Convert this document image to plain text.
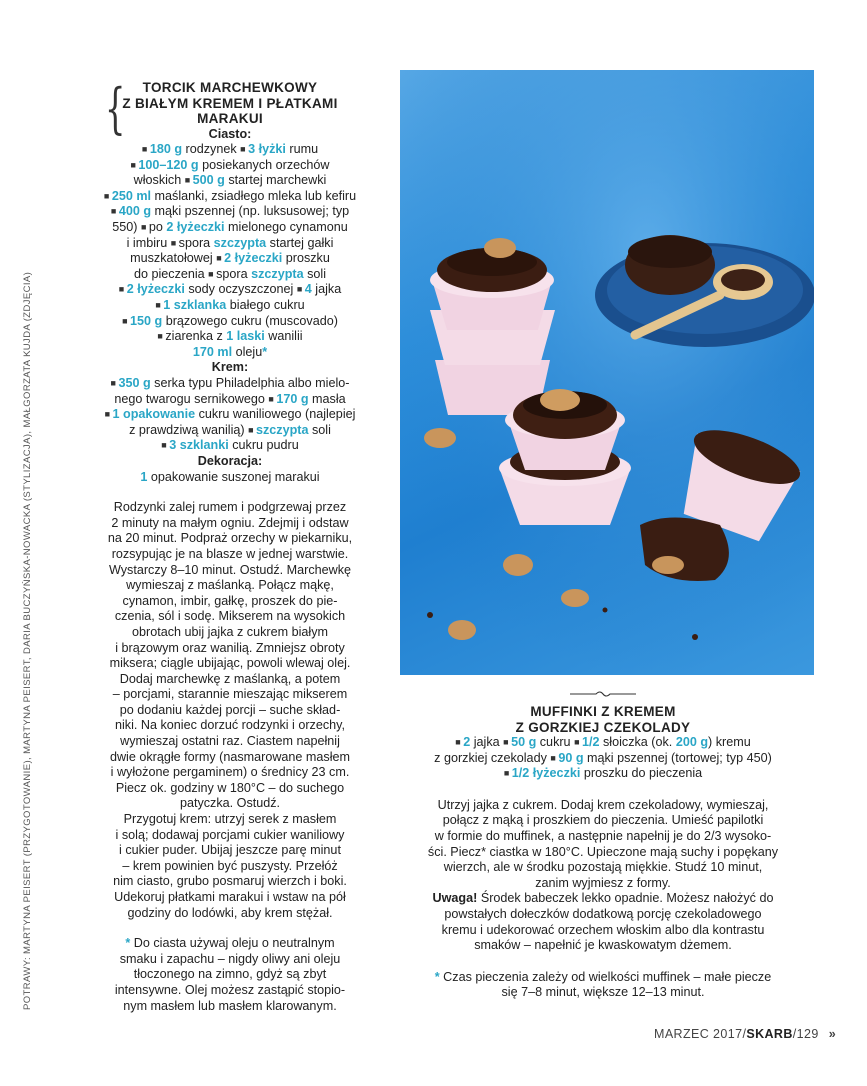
POTRAWY: MARTYNA PEISERT (PRZYGOTOWANIE), MARTYNA PEISERT, DARIA BUCZYŃSKA-NOWACKA (STYLIZACJA), MAŁGORZATA KUJDA (ZDJĘCIA)
{	TORCIK MARCHEWKOWY
Z BIAŁYM KREMEM I PŁATKAMI
MARAKUI
Ciasto:
■ 180 g rodzynek ■ 3 łyżki rumu
■ 100–120 g posiekanych orzechów
włoskich ■ 500 g startej marchewki
■ 250 ml maślanki, zsiadłego mleka lub kefiru
■ 400 g mąki pszennej (np. luksusowej; typ
550) ■ po 2 łyżeczki mielonego cynamonu
i imbiru ■ spora szczypta startej gałki
muszkatołowej ■ 2 łyżeczki proszku
do pieczenia ■ spora szczypta soli
■ 2 łyżeczki sody oczyszczonej ■ 4 jajka
■ 1 szklanka białego cukru
■ 150 g brązowego cukru (muscovado)
■ ziarenka z 1 laski wanilii
170 ml oleju*
Krem:
■ 350 g serka typu Philadelphia albo mielo-
nego twarogu sernikowego ■ 170 g masła
■ 1 opakowanie cukru waniliowego (najlepiej
z prawdziwą wanilią) ■ szczypta soli
■ 3 szklanki cukru pudru
Dekoracja:
1 opakowanie suszonej marakui
Rodzynki zalej rumem i podgrzewaj przez
2 minuty na małym ogniu. Zdejmij i odstaw
na 20 minut. Podpraż orzechy w piekarniku,
rozsypując je na blasze w jednej warstwie.
Wystarczy 8–10 minut. Ostudź. Marchewkę
wymieszaj z maślanką. Połącz mąkę,
cynamon, imbir, gałkę, proszek do pie-
czenia, sól i sodę. Mikserem na wysokich
obrotach ubij jajka z cukrem białym
i brązowym oraz wanilią. Zmniejsz obroty
miksera; ciągle ubijając, powoli wlewaj olej.
Dodaj marchewkę z maślanką, a potem
– porcjami, starannie mieszając mikserem
po dodaniu każdej porcji – suche skład-
niki. Na koniec dorzuć rodzynki i orzechy,
wymieszaj ostatni raz. Ciastem napełnij
dwie okrągłe formy (nasmarowane masłem
i wyłożone pergaminem) o średnicy 23 cm.
Piecz ok. godziny w 180°C – do suchego
patyczka. Ostudź.
Przygotuj krem: utrzyj serek z masłem
i solą; dodawaj porcjami cukier waniliowy
i cukier puder. Ubijaj jeszcze parę minut
– krem powinien być puszysty. Przełóż
nim ciasto, grubo posmaruj wierzch i boki.
Udekoruj płatkami marakui i wstaw na pół
godziny do lodówki, aby krem stężał.
* Do ciasta używaj oleju o neutralnym
smaku i zapachu – nigdy oliwy ani oleju
tłoczonego na zimno, gdyż są zbyt
intensywne. Olej możesz zastąpić stopio-
nym masłem lub masłem klarowanym.
MUFFINKI Z KREMEM
Z GORZKIEJ CZEKOLADY
■ 2 jajka ■ 50 g cukru ■ 1/2 słoiczka (ok. 200 g) kremu
z gorzkiej czekolady ■ 90 g mąki pszennej (tortowej; typ 450)
■ 1/2 łyżeczki proszku do pieczenia
Utrzyj jajka z cukrem. Dodaj krem czekoladowy, wymieszaj,
połącz z mąką i proszkiem do pieczenia. Umieść papilotki
w formie do muffinek, a następnie napełnij je do 2/3 wysoko-
ści. Piecz* ciastka w 180°C. Upieczone mają suchy i popękany
wierzch, ale w środku pozostają miękkie. Studź 10 minut,
zanim wyjmiesz z formy.
Uwaga! Środek babeczek lekko opadnie. Możesz nałożyć do
powstałych dołeczków dodatkową porcję czekoladowego
kremu i udekorować orzechem włoskim albo dla kontrastu
smaków – napełnić je kwaskowatym dżemem.
* Czas pieczenia zależy od wielkości muffinek – małe piecze
się 7–8 minut, większe 12–13 minut.
MARZEC 2017/SKARB/129 »
